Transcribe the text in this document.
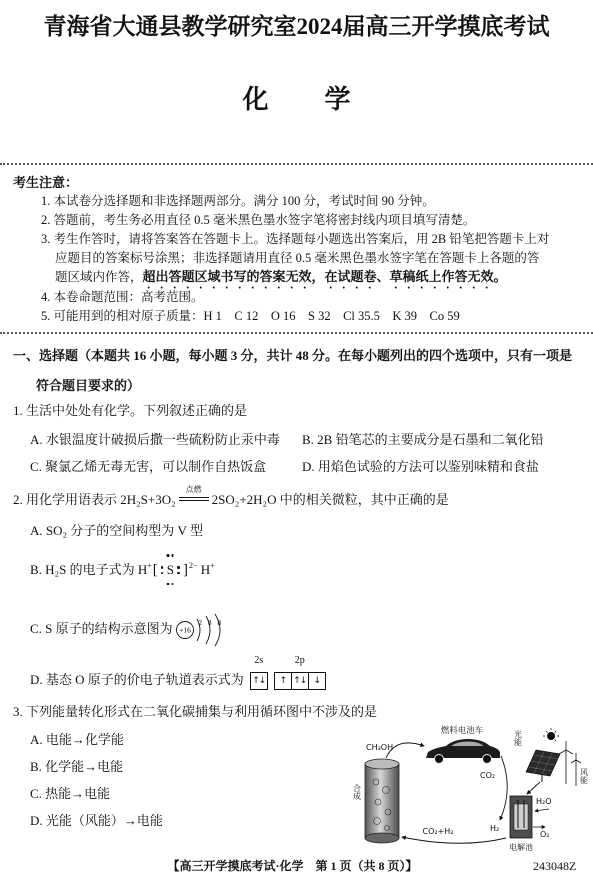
青海省大通县教学研究室2024届高三开学摸底考试
化学
考生注意：
1. 本试卷分选择题和非选择题两部分。满分 100 分，考试时间 90 分钟。
2. 答题前，考生务必用直径 0.5 毫米黑色墨水签字笔将密封线内项目填写清楚。
3. 考生作答时，请将答案答在答题卡上。选择题每小题选出答案后，用 2B 铅笔把答题卡上对
应题目的答案标号涂黑；非选择题请用直径 0.5 毫米黑色墨水签字笔在答题卡上各题的答
题区域内作答，超出答题区域书写的答案无效，在试题卷、草稿纸上作答无效。
4. 本卷命题范围：高考范围。
5. 可能用到的相对原子质量：H 1　C 12　O 16　S 32　Cl 35.5　K 39　Co 59
一、选择题（本题共 16 小题，每小题 3 分，共计 48 分。在每小题列出的四个选项中，只有一项是
符合题目要求的）
1. 生活中处处有化学。下列叙述正确的是
A. 水银温度计破损后撒一些硫粉防止汞中毒 B. 2B 铅笔芯的主要成分是石墨和二氧化铅
C. 聚氯乙烯无毒无害，可以制作自热饭盒	D. 用焰色试验的方法可以鉴别味精和食盐
2. 用化学用语表示 2H₂S+3O₂
点燃
2SO₂+2H₂O 中的相关微粒，其中正确的是
A. SO₂ 分子的空间构型为 V 型
B. H₂S 的电子式为 H+[ S ]$^{2-}$ H+
C. S 原子的结构示意图为 +16
2 8 8
D. 基态 O 原子的价电子轨道表示式为
2s
↑↓
2p
↑ ↑↓ ↓
3. 下列能量转化形式在二氧化碳捕集与利用循环图中不涉及的是
A. 电能→化学能
B. 化学能→电能
C. 热能→电能
D. 光能（风能）→电能
合成
CH₃OH
燃料电池车
CO₂
光能
风能
H₂O
O₂
H₂
电解池
CO₂+H₂
【高三开学摸底考试·化学　第 1 页（共 8 页）】	243048Z
